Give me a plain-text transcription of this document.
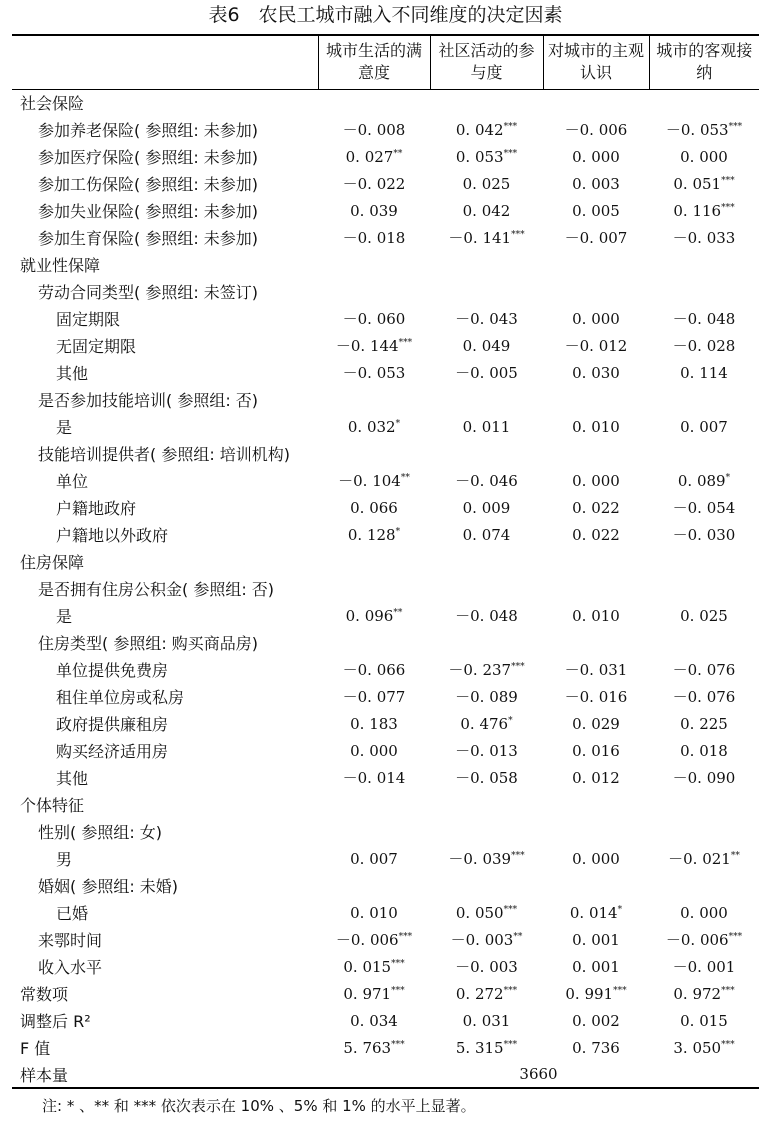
表6　农民工城市融入不同维度的决定因素
	城市生活的满意度	社区活动的参与度	对城市的主观认识	城市的客观接纳
社会保险				
参加养老保险( 参照组: 未参加)	－0. 008	0. 042***	－0. 006	－0. 053***
参加医疗保险( 参照组: 未参加)	0. 027**	0. 053***	0. 000	0. 000
参加工伤保险( 参照组: 未参加)	－0. 022	0. 025	0. 003	0. 051***
参加失业保险( 参照组: 未参加)	0. 039	0. 042	0. 005	0. 116***
参加生育保险( 参照组: 未参加)	－0. 018	－0. 141***	－0. 007	－0. 033
就业性保障				
劳动合同类型( 参照组: 未签订)				
固定期限	－0. 060	－0. 043	0. 000	－0. 048
无固定期限	－0. 144***	0. 049	－0. 012	－0. 028
其他	－0. 053	－0. 005	0. 030	0. 114
是否参加技能培训( 参照组: 否)				
是	0. 032*	0. 011	0. 010	0. 007
技能培训提供者( 参照组: 培训机构)				
单位	－0. 104**	－0. 046	0. 000	0. 089*
户籍地政府	0. 066	0. 009	0. 022	－0. 054
户籍地以外政府	0. 128*	0. 074	0. 022	－0. 030
住房保障				
是否拥有住房公积金( 参照组: 否)				
是	0. 096**	－0. 048	0. 010	0. 025
住房类型( 参照组: 购买商品房)				
单位提供免费房	－0. 066	－0. 237***	－0. 031	－0. 076
租住单位房或私房	－0. 077	－0. 089	－0. 016	－0. 076
政府提供廉租房	0. 183	0. 476*	0. 029	0. 225
购买经济适用房	0. 000	－0. 013	0. 016	0. 018
其他	－0. 014	－0. 058	0. 012	－0. 090
个体特征				
性别( 参照组: 女)				
男	0. 007	－0. 039***	0. 000	－0. 021**
婚姻( 参照组: 未婚)				
已婚	0. 010	0. 050***	0. 014*	0. 000
来鄂时间	－0. 006***	－0. 003**	0. 001	－0. 006***
收入水平	0. 015***	－0. 003	0. 001	－0. 001
常数项	0. 971***	0. 272***	0. 991***	0. 972***
调整后 R²	0. 034	0. 031	0. 002	0. 015
F 值	5. 763***	5. 315***	0. 736	3. 050***
样本量	3660			
注: * 、** 和 *** 依次表示在 10% 、5% 和 1% 的水平上显著。
